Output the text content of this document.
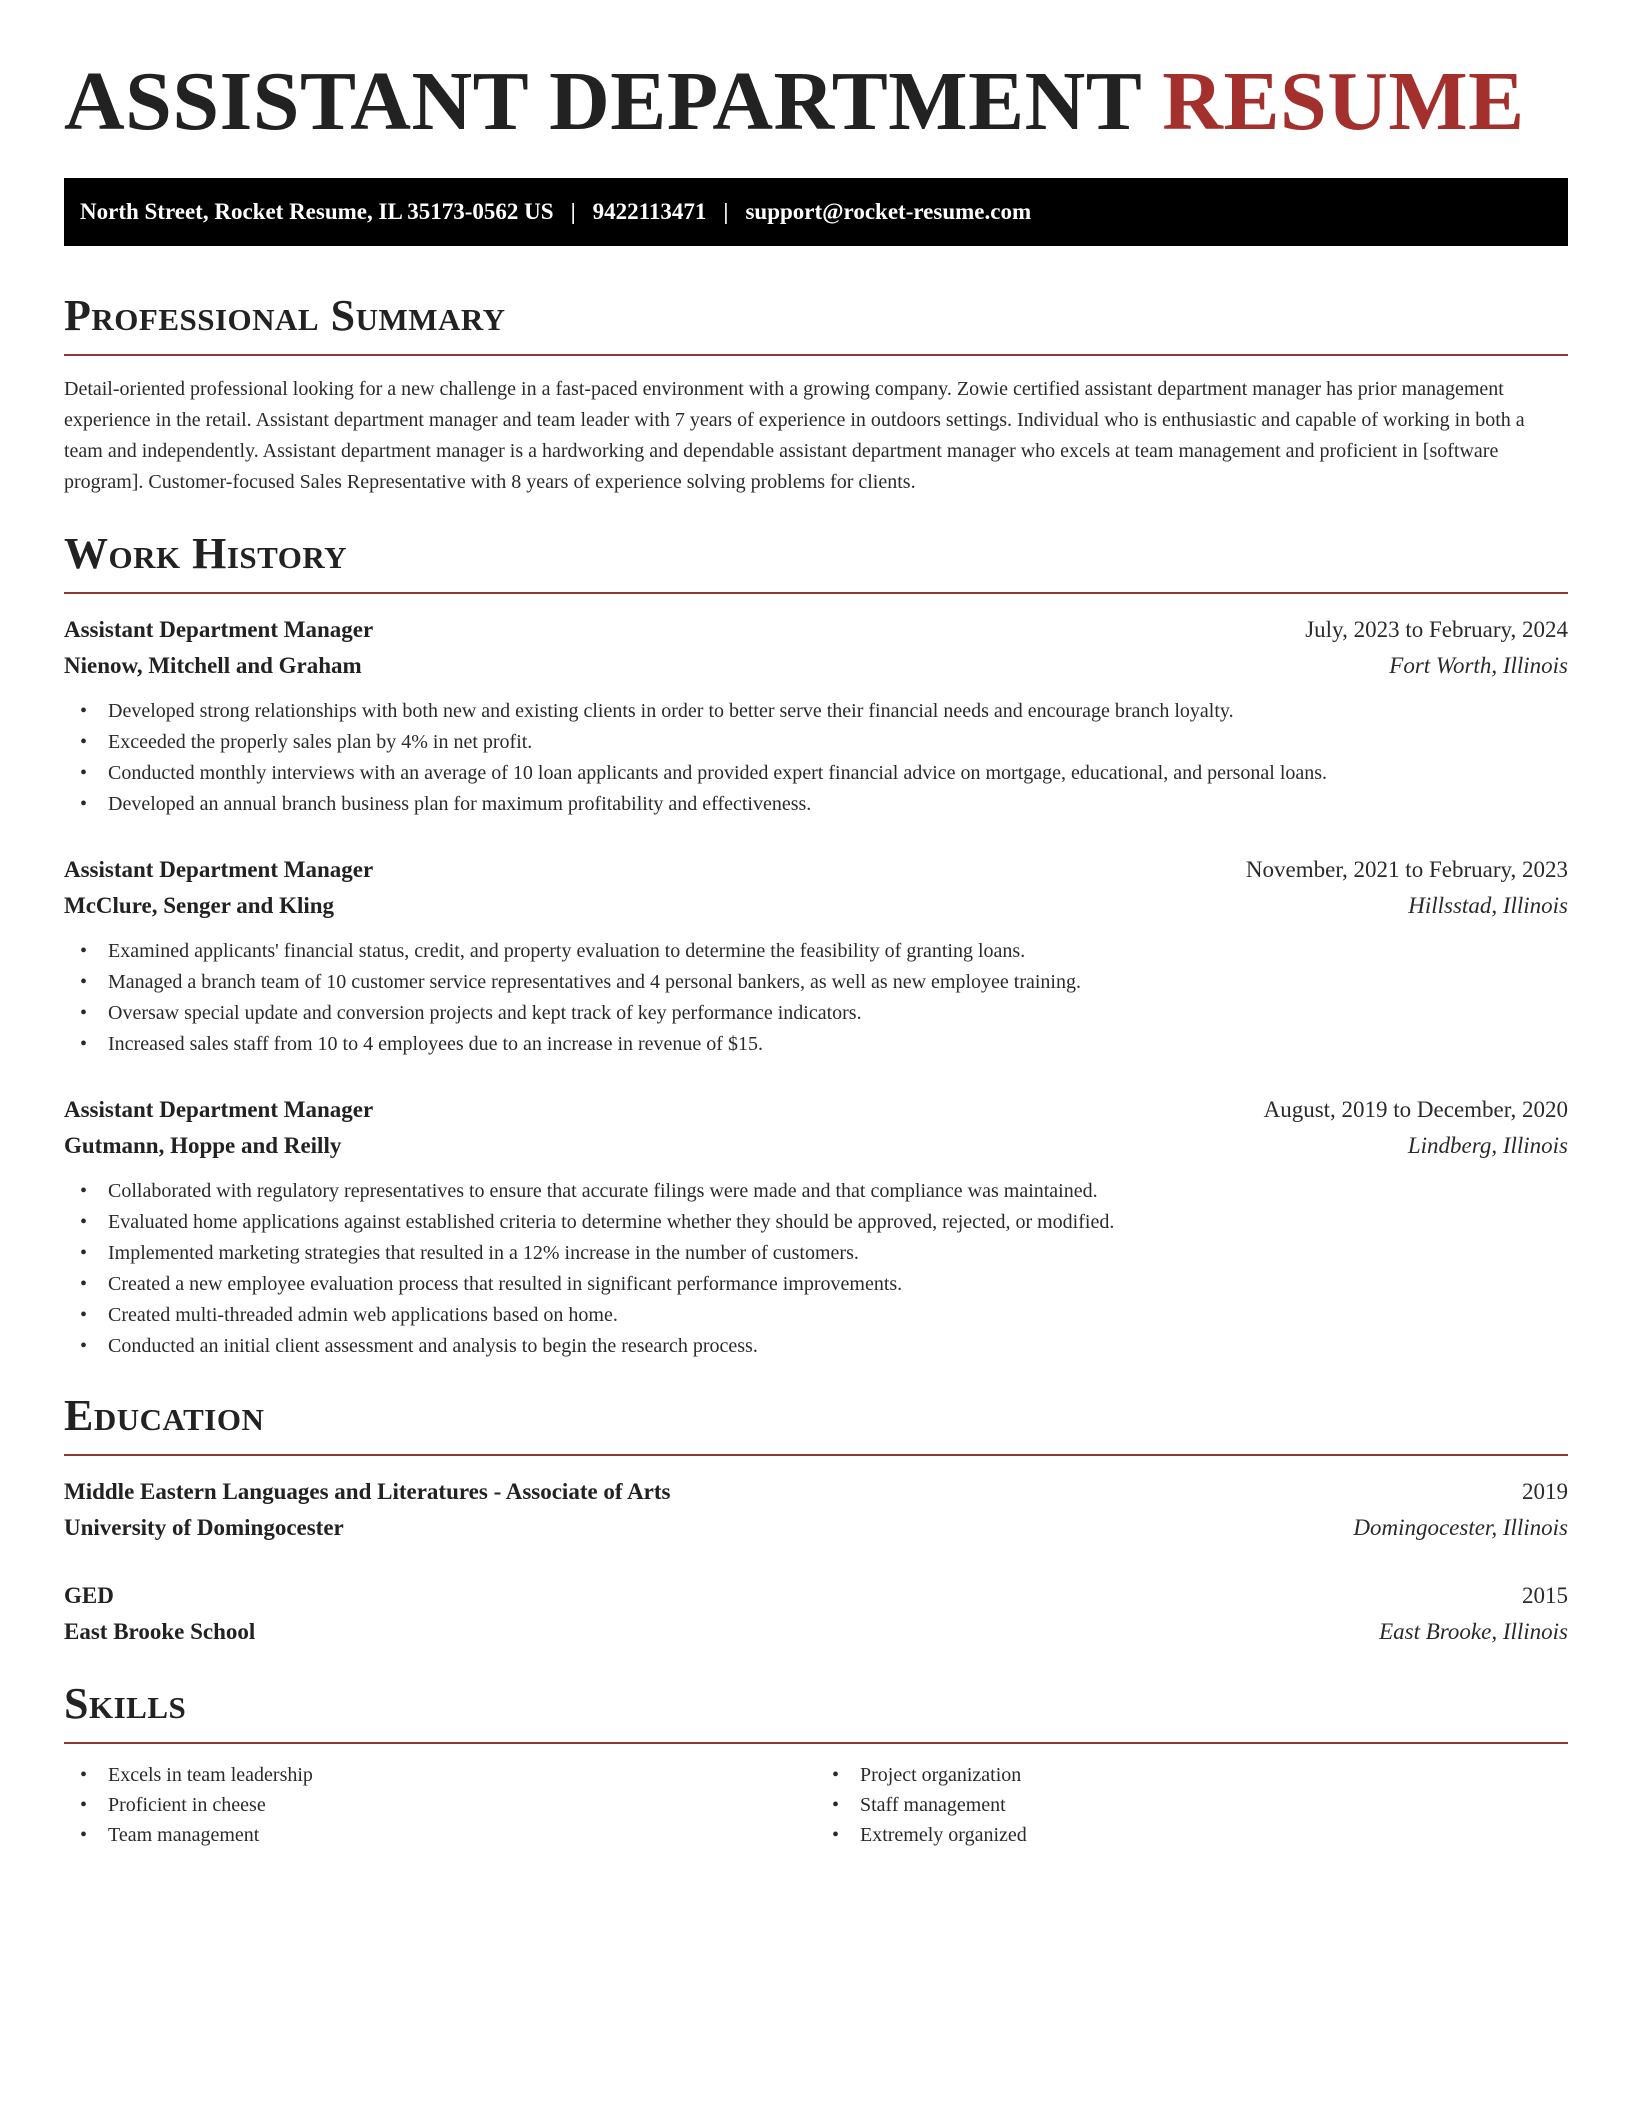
ASSISTANT DEPARTMENT RESUME
North Street, Rocket Resume, IL 35173-0562 US | 9422113471 | support@rocket-resume.com
Professional Summary

Detail-oriented professional looking for a new challenge in a fast-paced environment with a growing company. Zowie certified assistant department manager has prior management experience in the retail. Assistant department manager and team leader with 7 years of experience in outdoors settings. Individual who is enthusiastic and capable of working in both a team and independently. Assistant department manager is a hardworking and dependable assistant department manager who excels at team management and proficient in [software program]. Customer-focused Sales Representative with 8 years of experience solving problems for clients.

Work History
Assistant Department Manager	July, 2023 to February, 2024
Nienow, Mitchell and Graham	Fort Worth, Illinois
• Developed strong relationships with both new and existing clients in order to better serve their financial needs and encourage branch loyalty.
• Exceeded the properly sales plan by 4% in net profit.
• Conducted monthly interviews with an average of 10 loan applicants and provided expert financial advice on mortgage, educational, and personal loans.
• Developed an annual branch business plan for maximum profitability and effectiveness.
Assistant Department Manager	November, 2021 to February, 2023
McClure, Senger and Kling	Hillsstad, Illinois
• Examined applicants' financial status, credit, and property evaluation to determine the feasibility of granting loans.
• Managed a branch team of 10 customer service representatives and 4 personal bankers, as well as new employee training.
• Oversaw special update and conversion projects and kept track of key performance indicators.
• Increased sales staff from 10 to 4 employees due to an increase in revenue of $15.
Assistant Department Manager	August, 2019 to December, 2020
Gutmann, Hoppe and Reilly	Lindberg, Illinois
• Collaborated with regulatory representatives to ensure that accurate filings were made and that compliance was maintained.
• Evaluated home applications against established criteria to determine whether they should be approved, rejected, or modified.
• Implemented marketing strategies that resulted in a 12% increase in the number of customers.
• Created a new employee evaluation process that resulted in significant performance improvements.
• Created multi-threaded admin web applications based on home.
• Conducted an initial client assessment and analysis to begin the research process.
Education
Middle Eastern Languages and Literatures - Associate of Arts	2019
University of Domingocester	Domingocester, Illinois
GED	2015
East Brooke School	East Brooke, Illinois
Skills
• Excels in team leadership
• Proficient in cheese
• Team management
• Project organization
• Staff management
• Extremely organized
